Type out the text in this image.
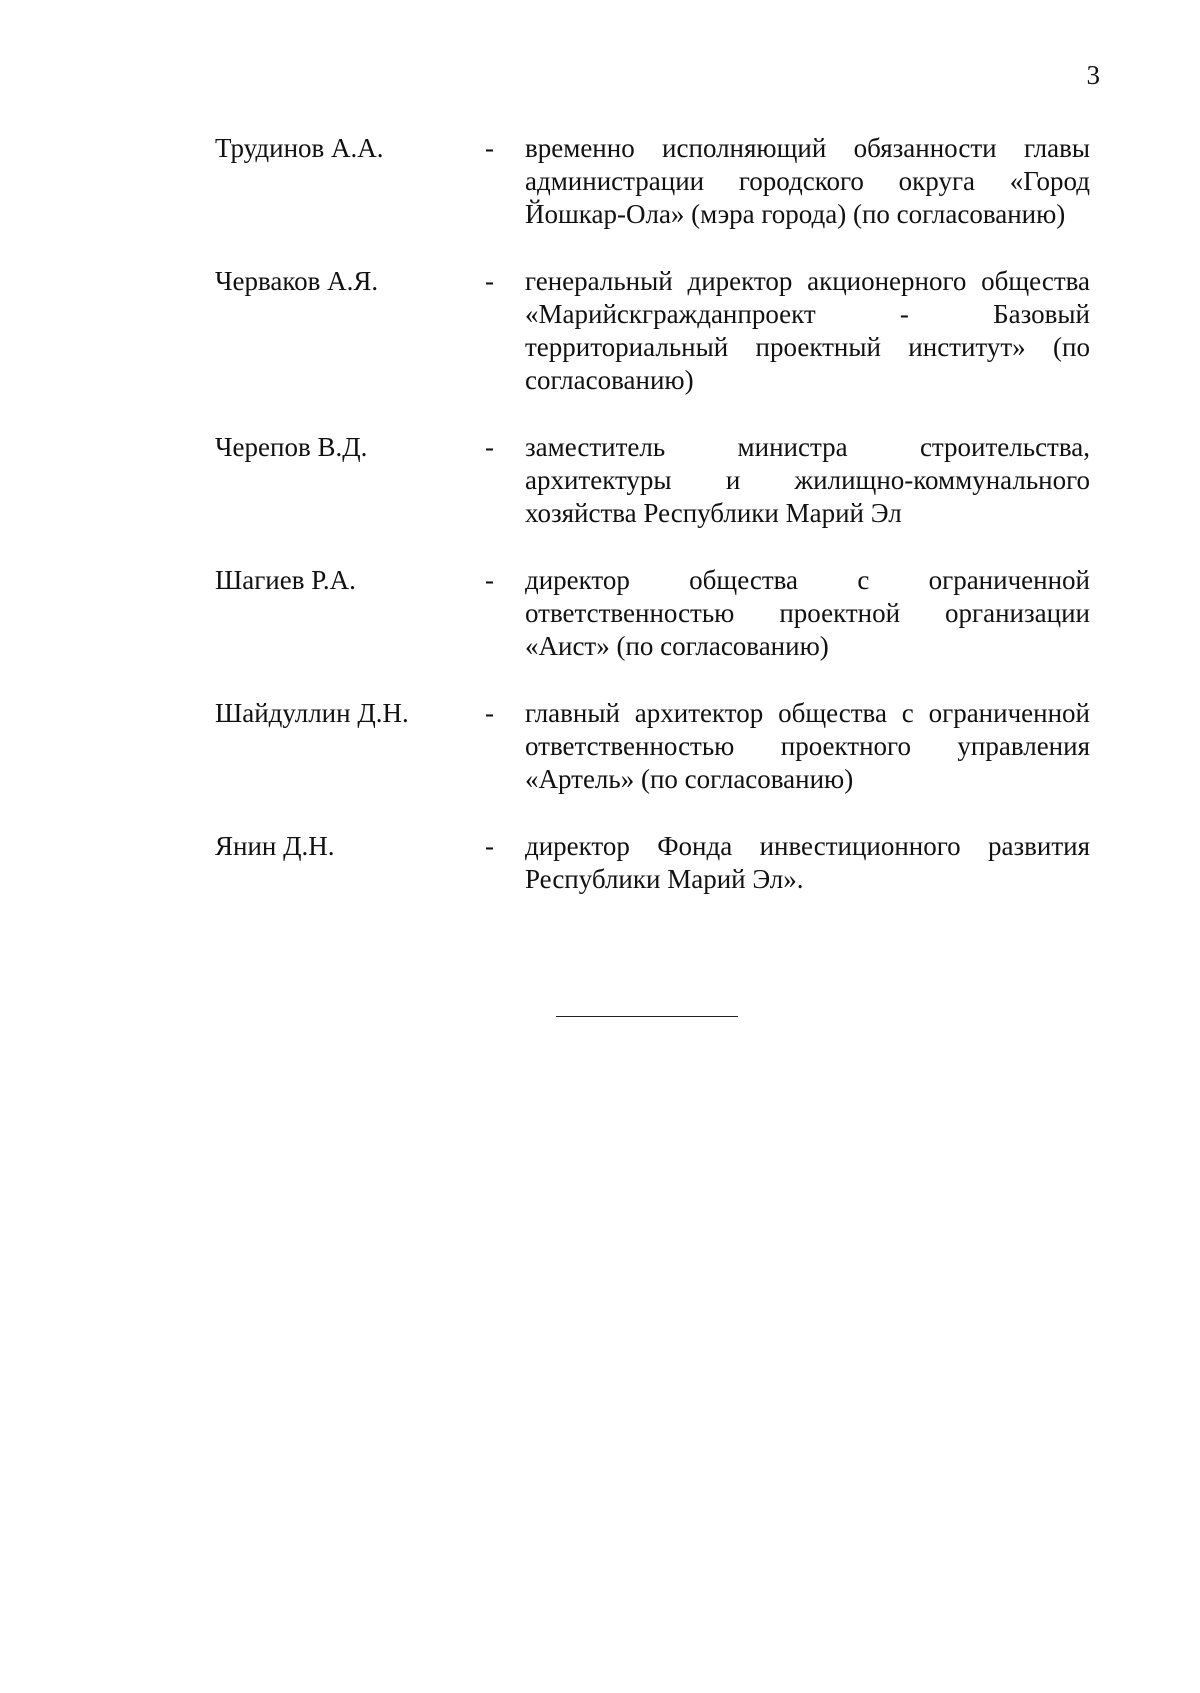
3
Трудинов А.А.	-	временно исполняющий обязанности главы администрации городского округа «Город Йошкар-Ола» (мэра города) (по согласованию)
Черваков А.Я.	-	генеральный директор акционерного общества «Марийскгражданпроект - Базовый территориальный проектный институт» (по согласованию)
Черепов В.Д.	-	заместитель министра строительства, архитектуры и жилищно-коммунального хозяйства Республики Марий Эл
Шагиев Р.А.	-	директор общества с ограниченной ответственностью проектной организации «Аист» (по согласованию)
Шайдуллин Д.Н.	-	главный архитектор общества с ограниченной ответственностью проектного управления «Артель» (по согласованию)
Янин Д.Н.	-	директор Фонда инвестиционного развития Республики Марий Эл».
